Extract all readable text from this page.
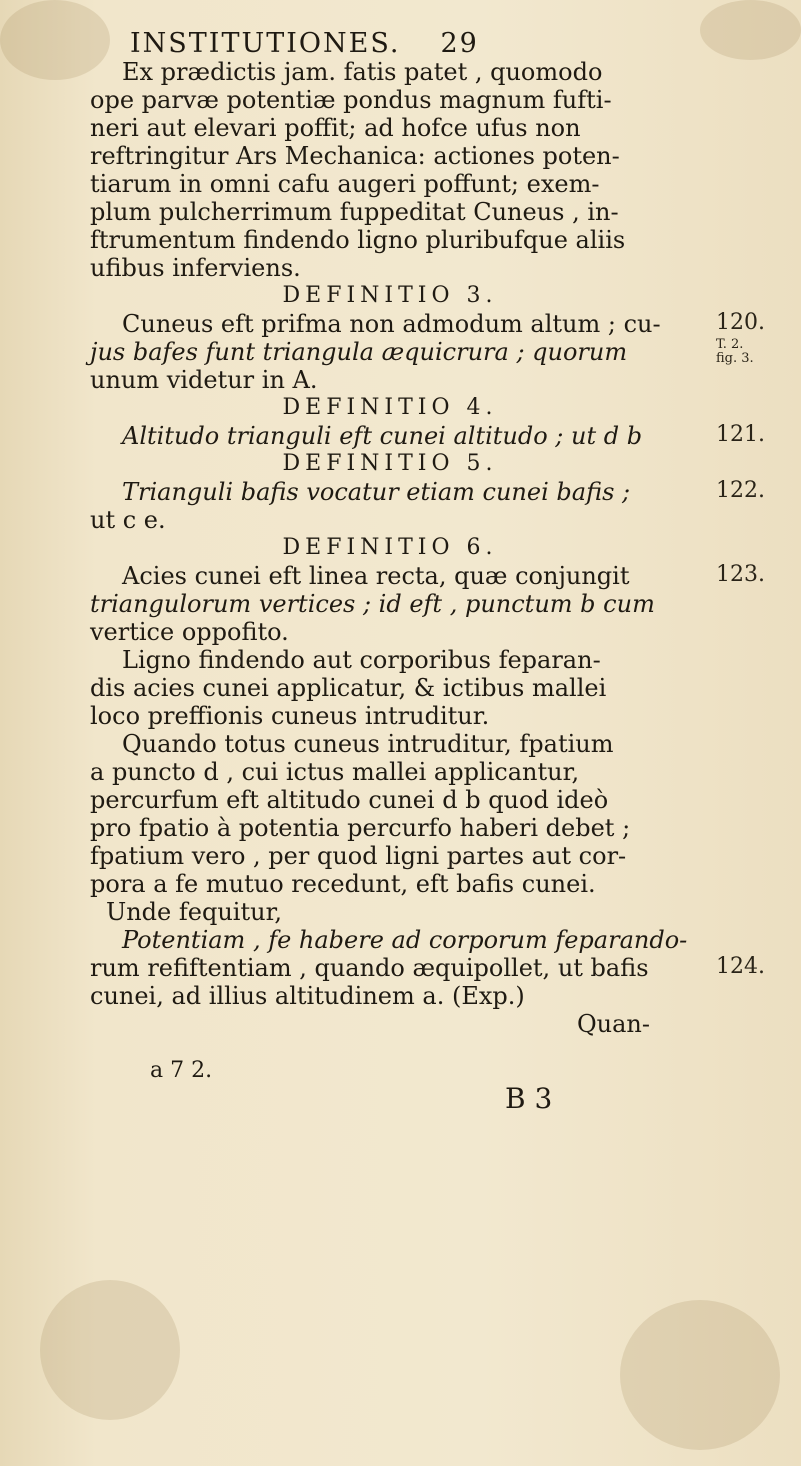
INSTITUTIONES. 29
Ex prædictis jam. fatis patet , quomodo
ope parvæ potentiæ pondus magnum fufti-
neri aut elevari poffit; ad hofce ufus non
reftringitur Ars Mechanica: actiones poten-
tiarum in omni cafu augeri poffunt; exem-
plum pulcherrimum fuppeditat Cuneus , in-
ftrumentum findendo ligno pluribufque aliis
ufibus inferviens.
DEFINITIO 3.
Cuneus eft prifma non admodum altum ; cu-
jus bafes funt triangula æquicrura ; quorum
unum videtur in A.
DEFINITIO 4.
Altitudo trianguli eft cunei altitudo ; ut d b
DEFINITIO 5.
Trianguli bafis vocatur etiam cunei bafis ;
ut c e.
DEFINITIO 6.
Acies cunei eft linea recta, quæ conjungit
triangulorum vertices ; id eft , punctum b cum
vertice oppofito.
Ligno findendo aut corporibus feparan-
dis acies cunei applicatur, & ictibus mallei
loco preffionis cuneus intruditur.
Quando totus cuneus intruditur, fpatium
a puncto d , cui ictus mallei applicantur,
percurfum eft altitudo cunei d b quod ideò
pro fpatio à potentia percurfo haberi debet ;
fpatium vero , per quod ligni partes aut cor-
pora a fe mutuo recedunt, eft bafis cunei.
Unde fequitur,
Potentiam , fe habere ad corporum feparando-
rum refiftentiam , quando æquipollet, ut bafis
cunei, ad illius altitudinem a. (Exp.)
Quan-
120.
T. 2.
fig. 3.
121.
122.
123.
124.
a 7 2.
B 3
